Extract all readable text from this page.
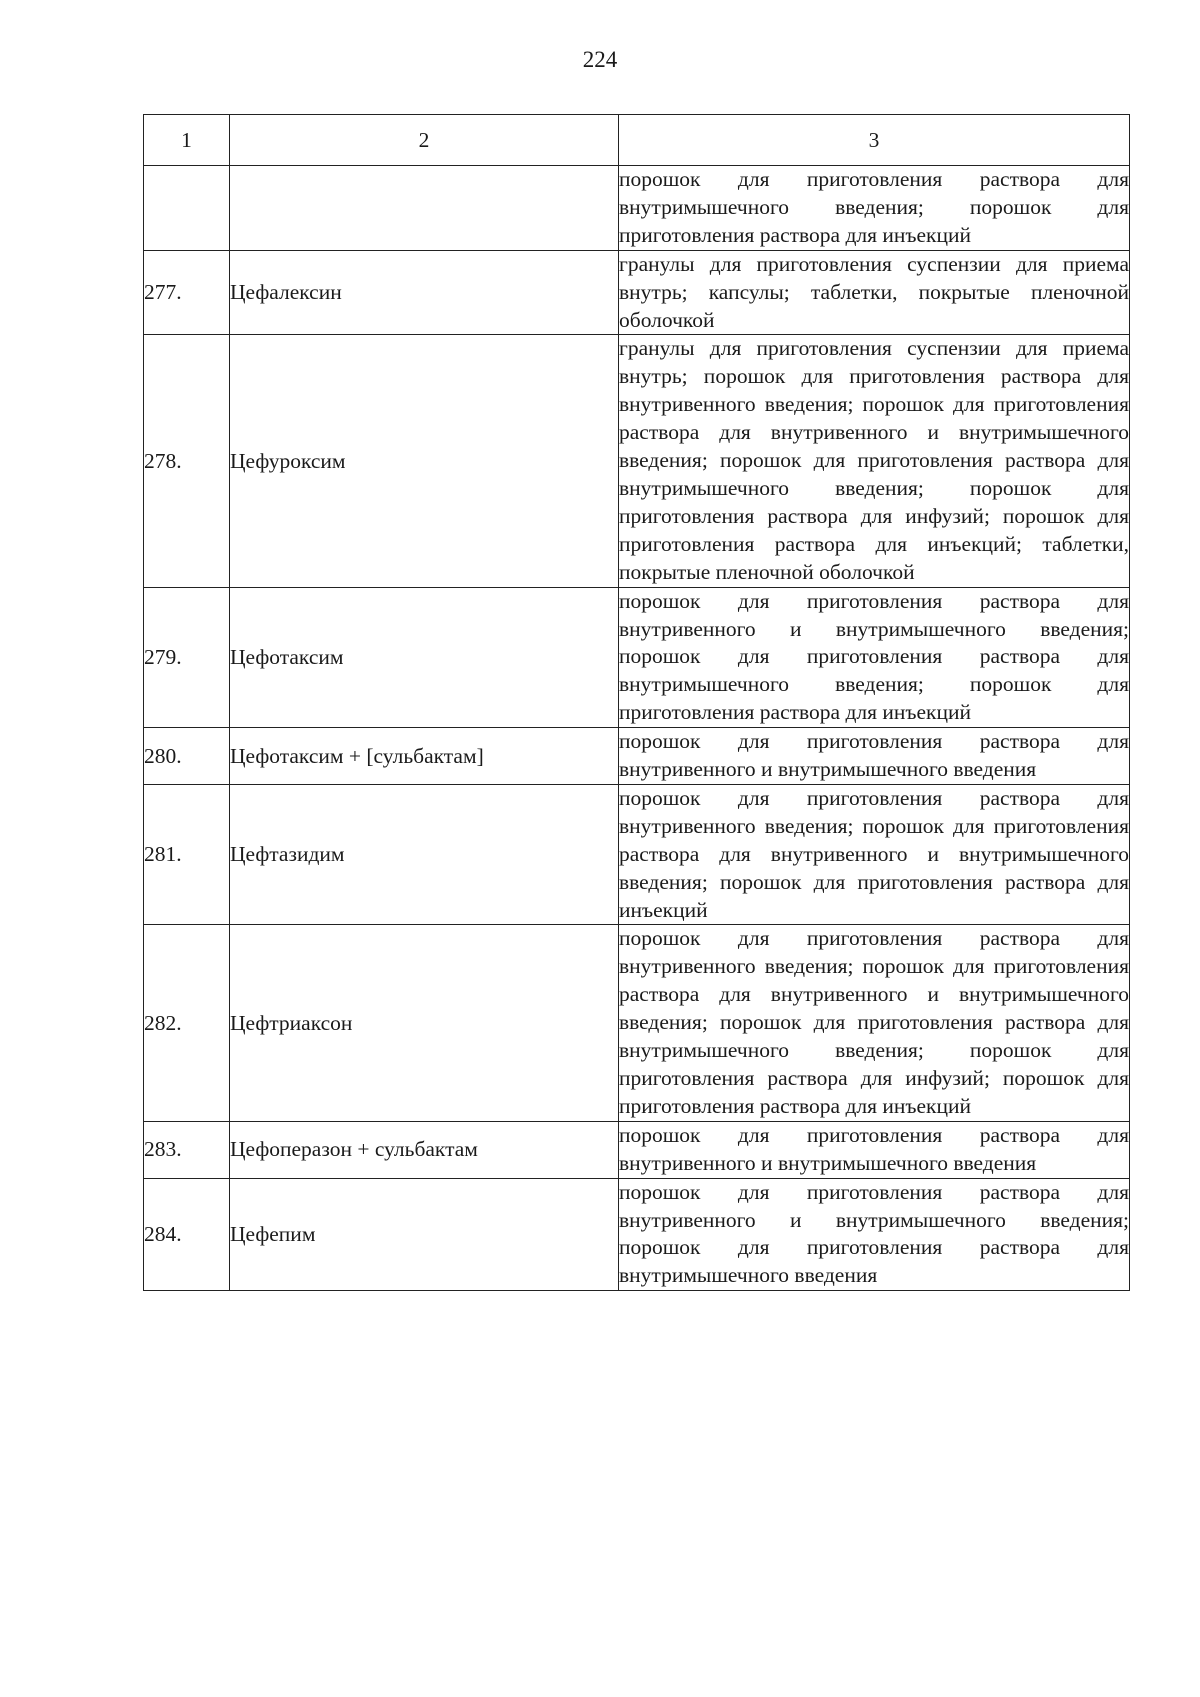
224
1	2	3
		порошок для приготовления раствора для внутримышечного введения; порошок для приготовления раствора для инъекций
277.	Цефалексин	гранулы для приготовления суспензии для приема внутрь; капсулы; таблетки, покрытые пленочной оболочкой
278.	Цефуроксим	гранулы для приготовления суспензии для приема внутрь; порошок для приготовления раствора для внутривенного введения; порошок для приготовления раствора для внутривенного и внутримышечного введения; порошок для приготовления раствора для внутримышечного введения; порошок для приготовления раствора для инфузий; порошок для приготовления раствора для инъекций; таблетки, покрытые пленочной оболочкой
279.	Цефотаксим	порошок для приготовления раствора для внутривенного и внутримышечного введения; порошок для приготовления раствора для внутримышечного введения; порошок для приготовления раствора для инъекций
280.	Цефотаксим + [сульбактам]	порошок для приготовления раствора для внутривенного и внутримышечного введения
281.	Цефтазидим	порошок для приготовления раствора для внутривенного введения; порошок для приготовления раствора для внутривенного и внутримышечного введения; порошок для приготовления раствора для инъекций
282.	Цефтриаксон	порошок для приготовления раствора для внутривенного введения; порошок для приготовления раствора для внутривенного и внутримышечного введения; порошок для приготовления раствора для внутримышечного введения; порошок для приготовления раствора для инфузий; порошок для приготовления раствора для инъекций
283.	Цефоперазон + сульбактам	порошок для приготовления раствора для внутривенного и внутримышечного введения
284.	Цефепим	порошок для приготовления раствора для внутривенного и внутримышечного введения; порошок для приготовления раствора для внутримышечного введения
